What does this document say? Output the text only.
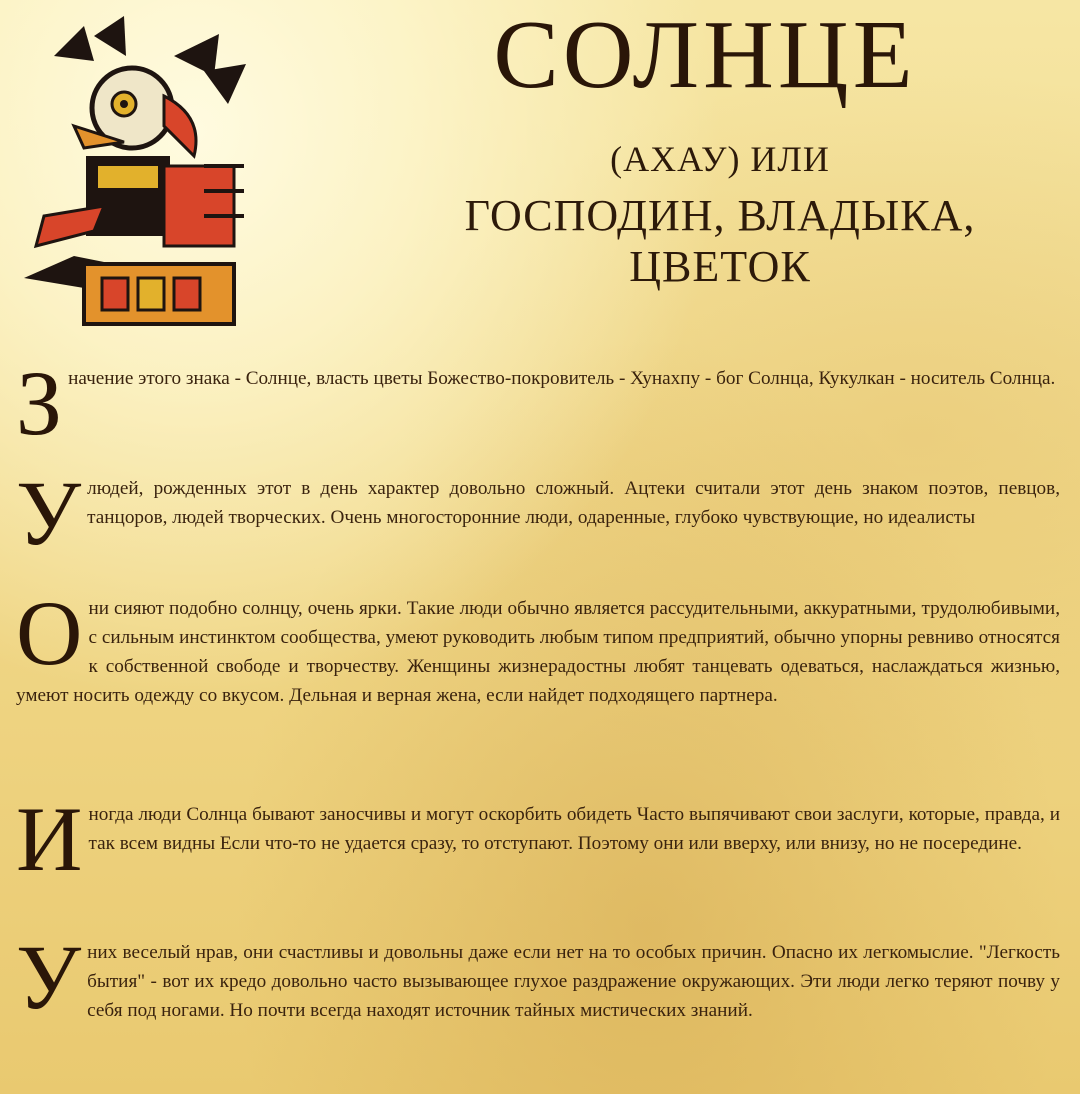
СОЛНЦЕ
(АХАУ) ИЛИ
ГОСПОДИН, ВЛАДЫКА, ЦВЕТОК
З начение этого знака - Солнце, власть цветы Божество-покровитель - Хунахпу - бог Солнца, Кукулкан - носитель Солнца.
У людей, рожденных этот в день характер довольно сложный. Ацтеки считали этот день знаком поэтов, певцов, танцоров, людей творческих. Очень многосторонние люди, одаренные, глубоко чувствующие, но идеалисты
О ни сияют подобно солнцу, очень ярки. Такие люди обычно является рассудительными, аккуратными, трудолюбивыми, с сильным инстинктом сообщества, умеют руководить любым типом предприятий, обычно упорны ревниво относятся к собственной свободе и творчеству. Женщины жизнерадостны любят танцевать одеваться, наслаждаться жизнью, умеют носить одежду со вкусом. Дельная и верная жена, если найдет подходящего партнера.
И ногда люди Солнца бывают заносчивы и могут оскорбить обидеть Часто выпячивают свои заслуги, которые, правда, и так всем видны Если что-то не удается сразу, то отступают. Поэтому они или вверху, или внизу, но не посередине.
У них веселый нрав, они счастливы и довольны даже если нет на то особых причин. Опасно их легкомыслие. "Легкость бытия" - вот их кредо довольно часто вызывающее глухое раздражение окружающих. Эти люди легко теряют почву у себя под ногами. Но почти всегда находят источник тайных мистических знаний.
